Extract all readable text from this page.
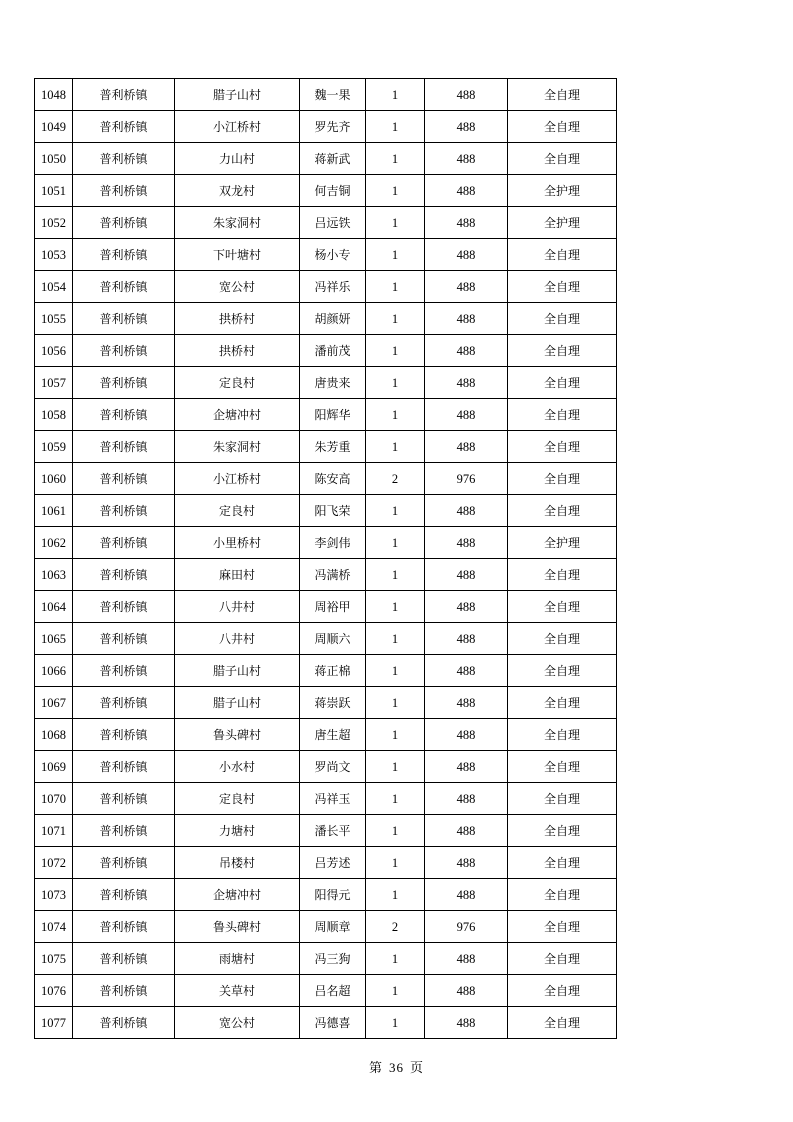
1048	普利桥镇	腊子山村	魏一果	1	488	全自理
1049	普利桥镇	小江桥村	罗先齐	1	488	全自理
1050	普利桥镇	力山村	蒋新武	1	488	全自理
1051	普利桥镇	双龙村	何吉铜	1	488	全护理
1052	普利桥镇	朱家洞村	吕远铁	1	488	全护理
1053	普利桥镇	下叶塘村	杨小专	1	488	全自理
1054	普利桥镇	宽公村	冯祥乐	1	488	全自理
1055	普利桥镇	拱桥村	胡颜妍	1	488	全自理
1056	普利桥镇	拱桥村	潘前茂	1	488	全自理
1057	普利桥镇	定良村	唐贵来	1	488	全自理
1058	普利桥镇	企塘冲村	阳辉华	1	488	全自理
1059	普利桥镇	朱家洞村	朱芳重	1	488	全自理
1060	普利桥镇	小江桥村	陈安高	2	976	全自理
1061	普利桥镇	定良村	阳飞荣	1	488	全自理
1062	普利桥镇	小里桥村	李剑伟	1	488	全护理
1063	普利桥镇	麻田村	冯满桥	1	488	全自理
1064	普利桥镇	八井村	周裕甲	1	488	全自理
1065	普利桥镇	八井村	周顺六	1	488	全自理
1066	普利桥镇	腊子山村	蒋正棉	1	488	全自理
1067	普利桥镇	腊子山村	蒋崇跃	1	488	全自理
1068	普利桥镇	鲁头碑村	唐生超	1	488	全自理
1069	普利桥镇	小水村	罗尚文	1	488	全自理
1070	普利桥镇	定良村	冯祥玉	1	488	全自理
1071	普利桥镇	力塘村	潘长平	1	488	全自理
1072	普利桥镇	吊楼村	吕芳述	1	488	全自理
1073	普利桥镇	企塘冲村	阳得元	1	488	全自理
1074	普利桥镇	鲁头碑村	周顺章	2	976	全自理
1075	普利桥镇	雨塘村	冯三狗	1	488	全自理
1076	普利桥镇	关草村	吕名超	1	488	全自理
1077	普利桥镇	宽公村	冯德喜	1	488	全自理
第 36 页
